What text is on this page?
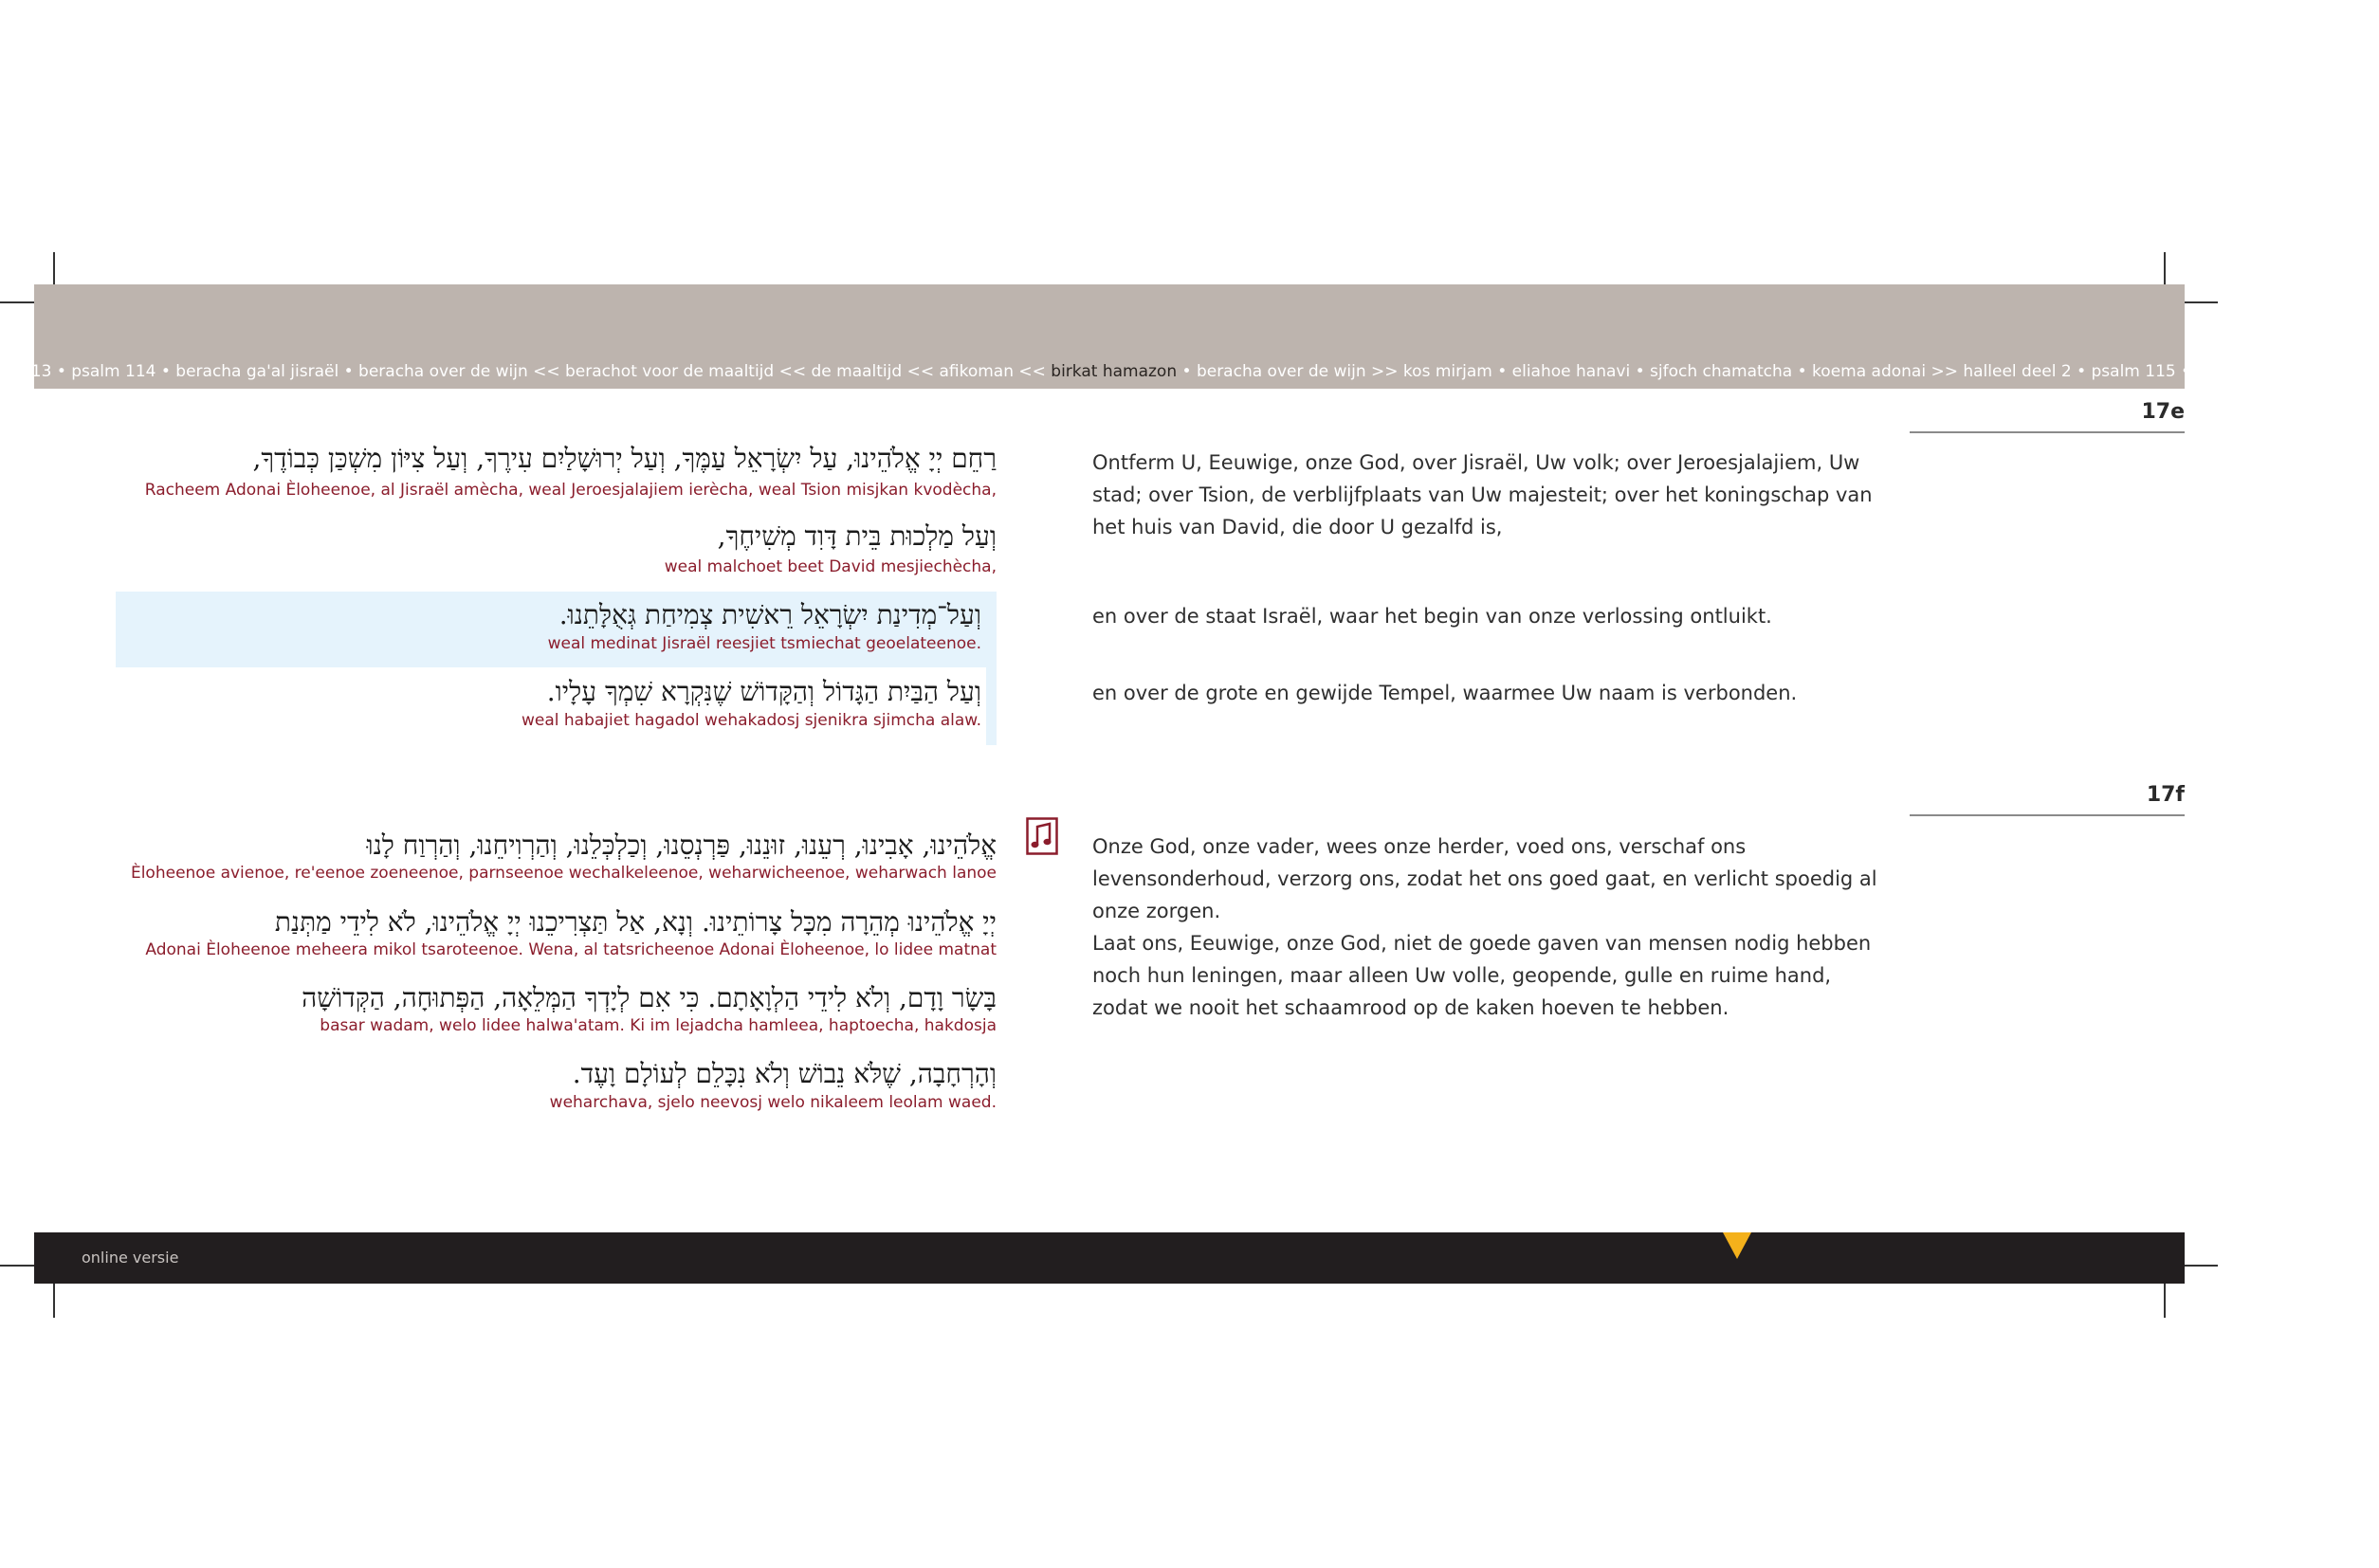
m 113 • psalm 114 • beracha ga'al jisraël • beracha over de wijn << berachot voor de maaltijd << de maaltijd << afikoman << birkat hamazon • beracha over de wijn >> kos mirjam • eliahoe hanavi • sjfoch chamatcha • koema adonai >> halleel deel 2 • psalm 115 •psalm 116 • psalm 117
17e
17f
רַחֵם יְיָ אֱלֹהֵינוּ, עַל יִשְׂרָאֵל עַמֶּךָ, וְעַל יְרוּשָׁלַיִם עִירֶךָ, וְעַל צִיּוֹן מִשְׁכַּן כְּבוֹדֶךָ,
Racheem Adonai Èloheenoe, al Jisraël amècha, weal Jeroesjalajiem ierècha, weal Tsion misjkan kvodècha,
וְעַל מַלְכוּת בֵּית דָּוִד מְשִׁיחֶךָ,
weal malchoet beet David mesjiechècha,
וְעַל־מְדִינַת יִשְׂרָאֵל רֵאשִׁית צְמִיחַת גְּאֻלָּתֵנוּ.
weal medinat Jisraël reesjiet tsmiechat geoelateenoe.
וְעַל הַבַּיִת הַגָּדוֹל וְהַקָּדוֹשׁ שֶׁנִּקְרָא שִׁמְךָ עָלָיו.
weal habajiet hagadol wehakadosj sjenikra sjimcha alaw.

Ontferm U, Eeuwige, onze God, over Jisraël, Uw volk; over Jeroesjalajiem, Uw stad; over Tsion, de verblijfplaats van Uw majesteit; over het koningschap van het huis van David, die door U gezalfd is,

en over de staat Israël, waar het begin van onze verlossing ontluikt.

en over de grote en gewijde Tempel, waarmee Uw naam is verbonden.

אֱלֹהֵינוּ, אָבִינוּ, רְעֵנוּ, זוּנֵנוּ, פַּרְנְסֵנוּ, וְכַלְכְּלֵנוּ, וְהַרְוִיחֵנוּ, וְהַרְוַח לָנוּ
Èloheenoe avienoe, re'eenoe zoeneenoe, parnseenoe wechalkeleenoe, weharwicheenoe, weharwach lanoe
יְיָ אֱלֹהֵינוּ מְהֵרָה מִכָּל צָרוֹתֵינוּ. וְנָא, אַל תַּצְרִיכֵנוּ יְיָ אֱלֹהֵינוּ, לֹא לִידֵי מַתְּנַת
Adonai Èloheenoe meheera mikol tsaroteenoe. Wena, al tatsricheenoe Adonai Èloheenoe, lo lidee matnat
בָּשָׂר וָדָם, וְלֹא לִידֵי הַלְוָאָתָם. כִּי אִם לְיָדְךָ הַמְּלֵאָה, הַפְּתוּחָה, הַקְּדוֹשָׁה
basar wadam, welo lidee halwa'atam. Ki im lejadcha hamleea, haptoecha, hakdosja
וְהָרְחָבָה, שֶׁלֹּא נֵבוֹשׁ וְלֹא נִכָּלֵם לְעוֹלָם וָעֶד.
weharchava, sjelo neevosj welo nikaleem leolam waed.

Onze God, onze vader, wees onze herder, voed ons, verschaf ons levensonderhoud, verzorg ons, zodat het ons goed gaat, en verlicht spoedig al onze zorgen.

Laat ons, Eeuwige, onze God, niet de goede gaven van mensen nodig hebben noch hun leningen, maar alleen Uw volle, geopende, gulle en ruime hand, zodat we nooit het schaamrood op de kaken hoeven te hebben.

online versie
